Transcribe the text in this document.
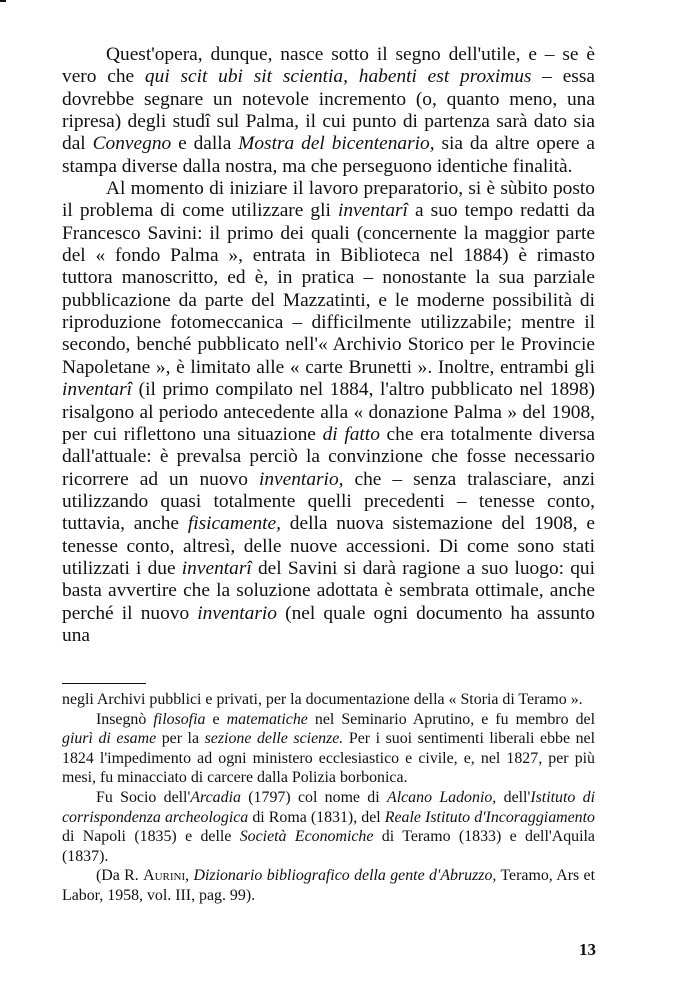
Quest'opera, dunque, nasce sotto il segno dell'utile, e – se è vero che qui scit ubi sit scientia, habenti est proximus – essa dovrebbe segnare un notevole incremento (o, quanto meno, una ripresa) degli studî sul Palma, il cui punto di partenza sarà dato sia dal Convegno e dalla Mostra del bicentenario, sia da altre opere a stampa diverse dalla nostra, ma che perseguono identiche finalità.

Al momento di iniziare il lavoro preparatorio, si è sùbito posto il problema di come utilizzare gli inventarî a suo tempo redatti da Francesco Savini: il primo dei quali (concernente la maggior parte del « fondo Palma », entrata in Biblioteca nel 1884) è rimasto tuttora manoscritto, ed è, in pratica – nonostante la sua parziale pubblicazione da parte del Mazzatinti, e le moderne possibilità di riproduzione fotomeccanica – difficilmente utilizzabile; mentre il secondo, benché pubblicato nell'« Archivio Storico per le Provincie Napoletane », è limitato alle « carte Brunetti ». Inoltre, entrambi gli inventarî (il primo compilato nel 1884, l'altro pubblicato nel 1898) risalgono al periodo antecedente alla « donazione Palma » del 1908, per cui riflettono una situazione di fatto che era totalmente diversa dall'attuale: è prevalsa perciò la convinzione che fosse necessario ricorrere ad un nuovo inventario, che – senza tralasciare, anzi utilizzando quasi totalmente quelli precedenti – tenesse conto, tuttavia, anche fisicamente, della nuova sistemazione del 1908, e tenesse conto, altresì, delle nuove accessioni. Di come sono stati utilizzati i due inventarî del Savini si darà ragione a suo luogo: qui basta avvertire che la soluzione adottata è sembrata ottimale, anche perché il nuovo inventario (nel quale ogni documento ha assunto una

negli Archivi pubblici e privati, per la documentazione della « Storia di Teramo ».

Insegnò filosofia e matematiche nel Seminario Aprutino, e fu membro del giurì di esame per la sezione delle scienze. Per i suoi sentimenti liberali ebbe nel 1824 l'impedimento ad ogni ministero ecclesiastico e civile, e, nel 1827, per più mesi, fu minacciato di carcere dalla Polizia borbonica.

Fu Socio dell'Arcadia (1797) col nome di Alcano Ladonio, dell'Istituto di corrispondenza archeologica di Roma (1831), del Reale Istituto d'Incoraggiamento di Napoli (1835) e delle Società Economiche di Teramo (1833) e dell'Aquila (1837).

(Da R. Aurini, Dizionario bibliografico della gente d'Abruzzo, Teramo, Ars et Labor, 1958, vol. III, pag. 99).

13
